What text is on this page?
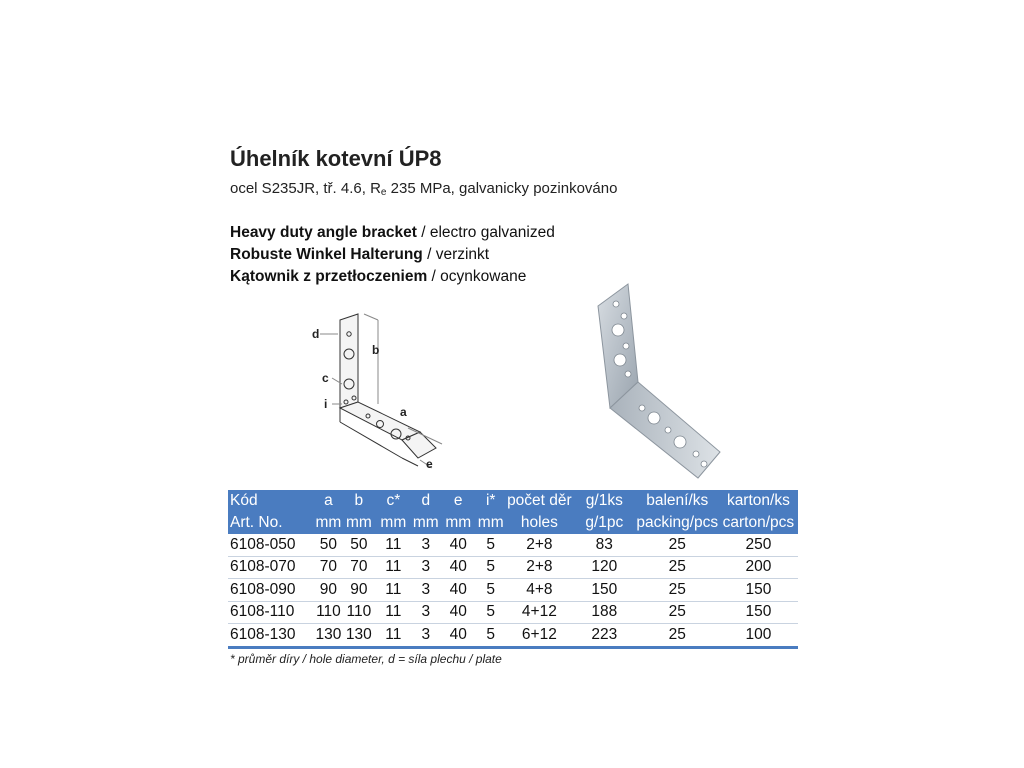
Úhelník kotevní ÚP8
ocel S235JR, tř. 4.6, $R_e$ 235 MPa, galvanicky pozinkováno
Heavy duty angle bracket / electro galvanized
Robuste Winkel Halterung / verzinkt
Kątownik z przetłoczeniem / ocynkowane
d
b
c
i
a
e
Kód	a	b	c*	d	e	i*	počet děr	g/1ks	balení/ks	karton/ks
Art. No.	mm	mm	mm	mm	mm	mm	holes	g/1pc	packing/pcs	carton/pcs
6108-050	50	50	11	3	40	5	2+8	83	25	250
6108-070	70	70	11	3	40	5	2+8	120	25	200
6108-090	90	90	11	3	40	5	4+8	150	25	150
6108-110	110	110	11	3	40	5	4+12	188	25	150
6108-130	130	130	11	3	40	5	6+12	223	25	100
* průměr díry / hole diameter, d = síla plechu / plate
